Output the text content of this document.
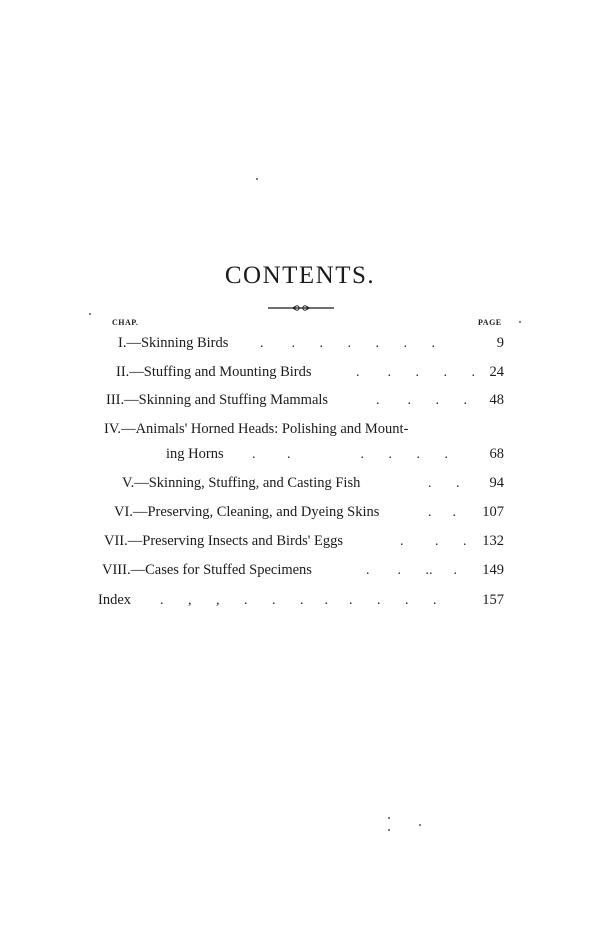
CONTENTS.
CHAP.	PAGE
I.—Skinning Birds .        .       .       .       .       .       .	9
II.—Stuffing and Mounting Birds	.        .       .       .       .	24
III.—Skinning and Stuffing Mammals	.        .       .       .	48
IV.—Animals' Horned Heads: Polishing and Mount-
ing Horns .         .                    .       .       .       .	68
V.—Skinning, Stuffing, and Casting Fish	.       .	94
VI.—Preserving, Cleaning, and Dyeing Skins	.      .	107
VII.—Preserving Insects and Birds' Eggs	.         .       .	132
VIII.—Cases for Stuffed Specimens	.        .       ..      .	149
Index .       ,       ,       .       .       .      .      .       .       .       .	157
